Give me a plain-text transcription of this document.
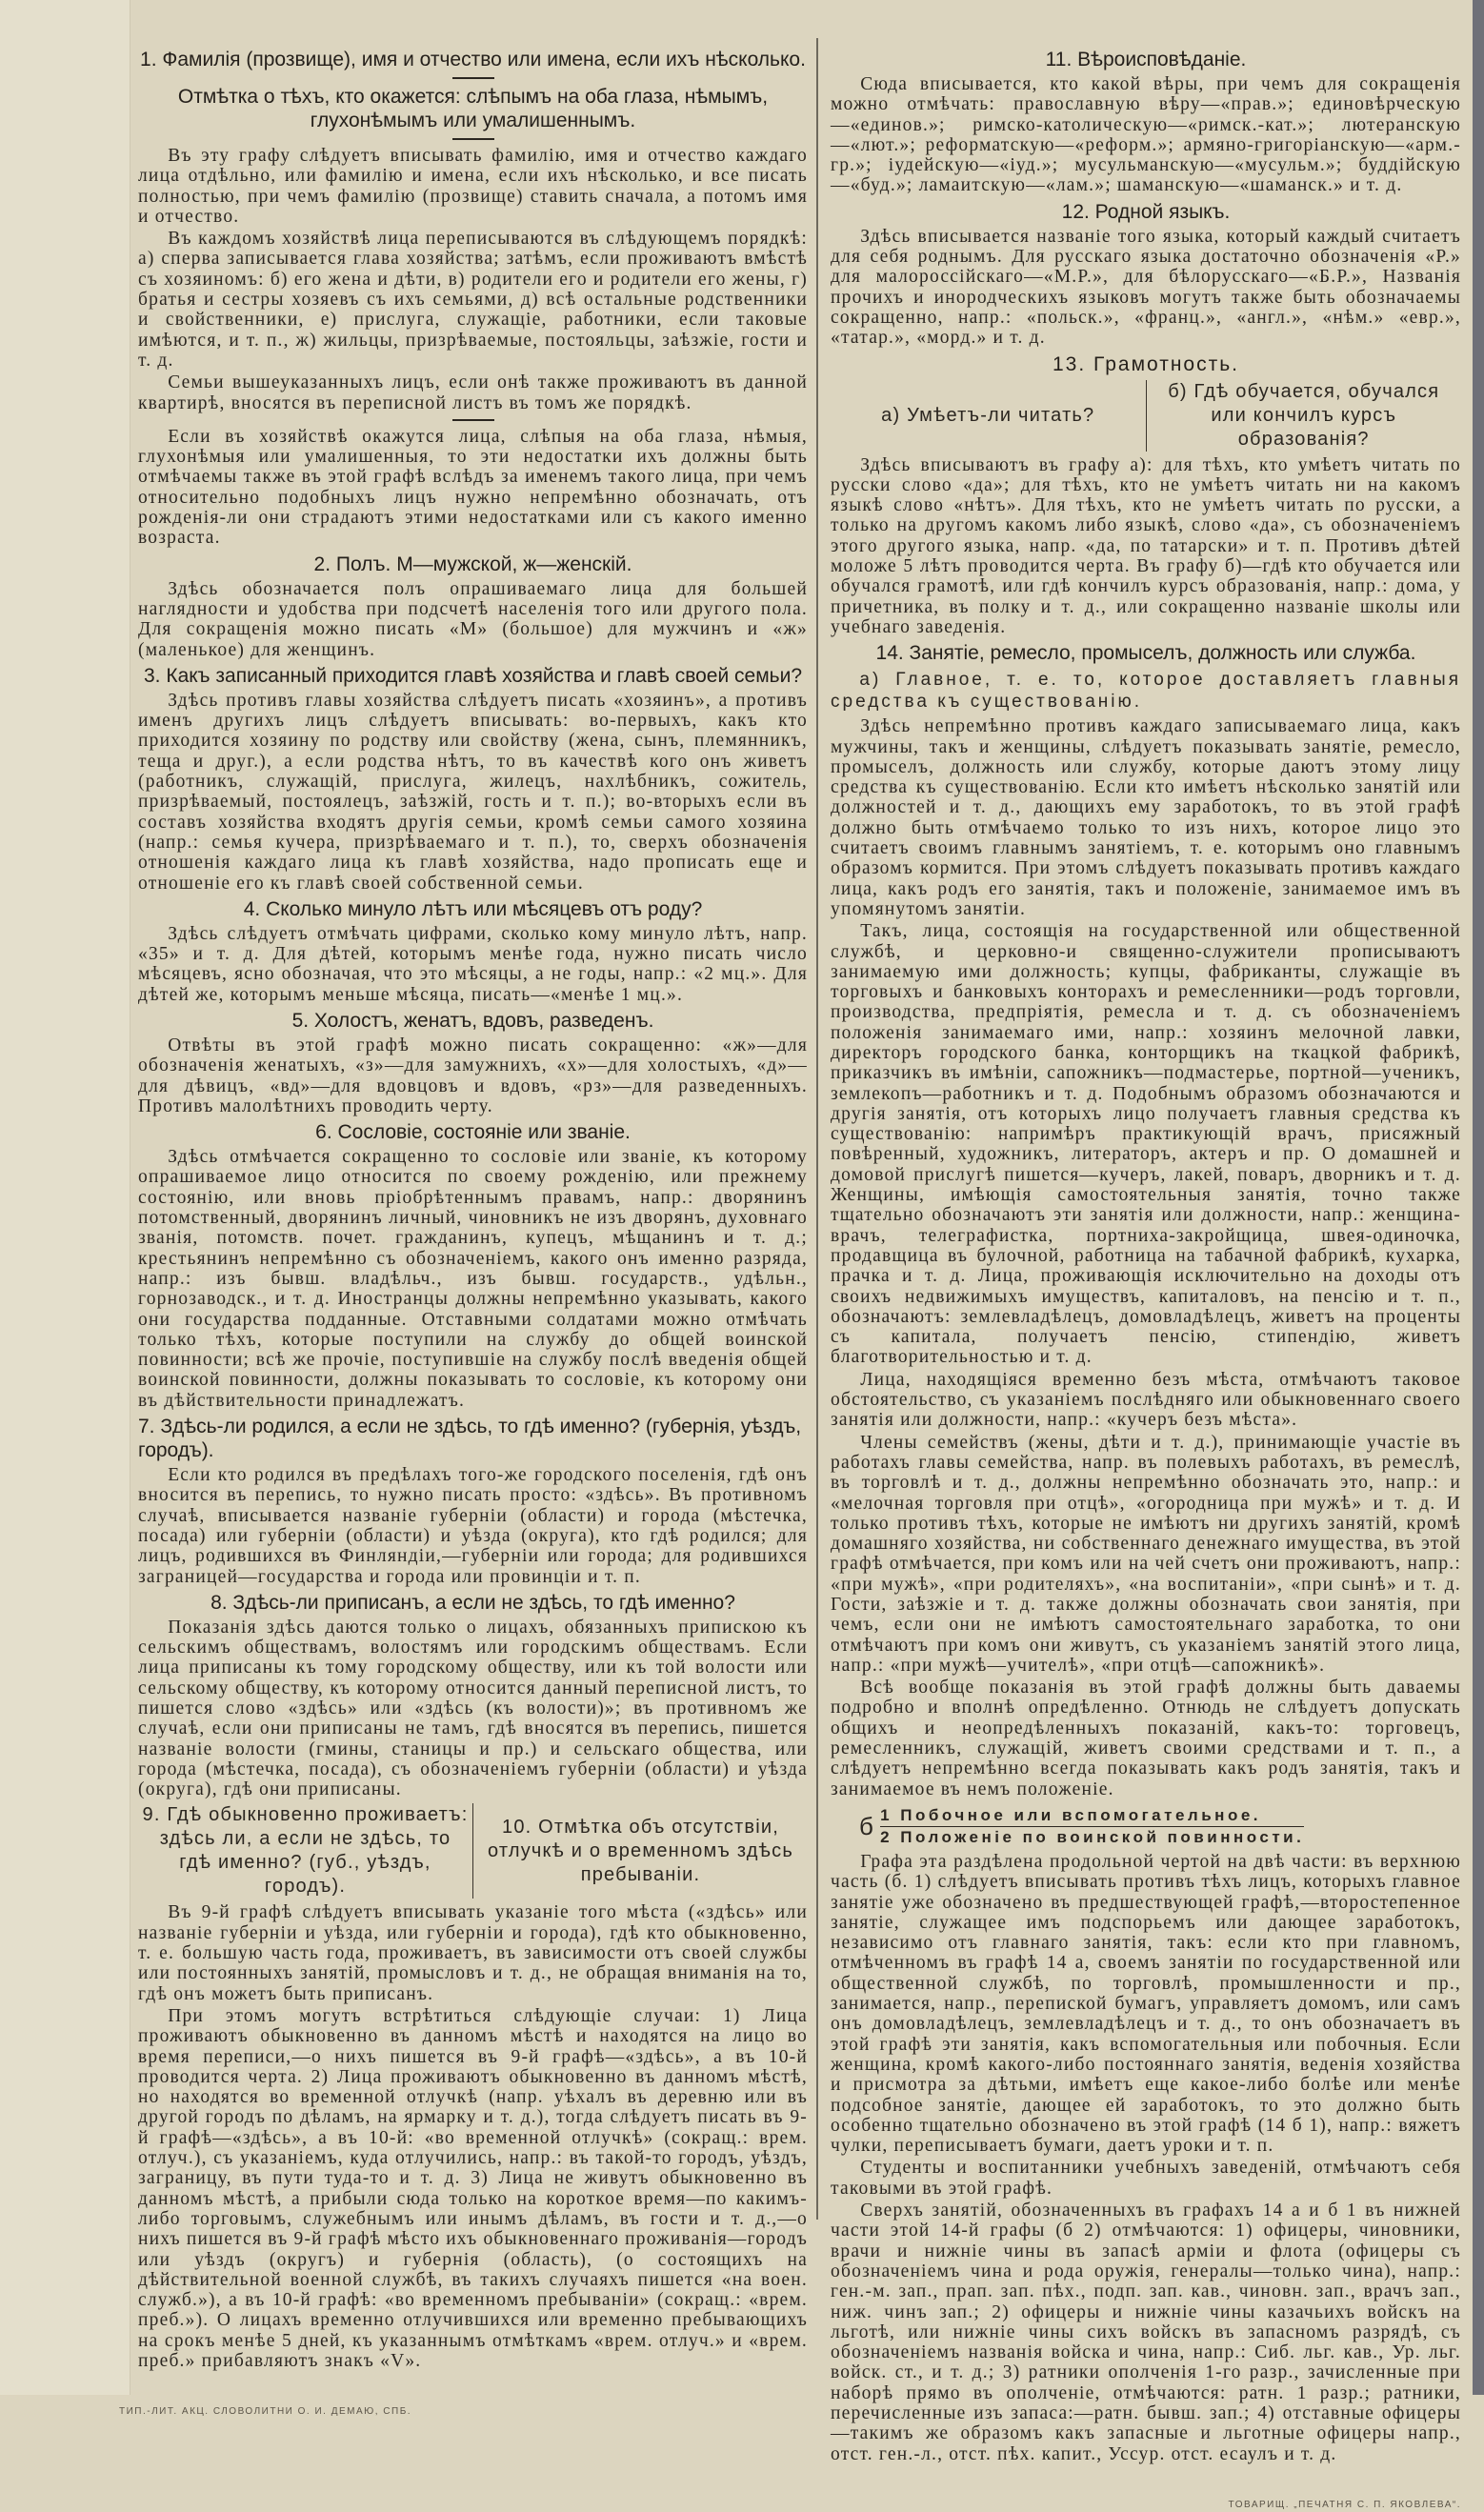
1. Фамилія (прозвище), имя и отчество или имена, если ихъ нѣсколько.
Отмѣтка о тѣхъ, кто окажется: слѣпымъ на оба глаза, нѣмымъ, глухонѣмымъ или умалишеннымъ.

Въ эту графу слѣдуетъ вписывать фамилію, имя и отчество каждаго лица отдѣльно, или фамилію и имена, если ихъ нѣсколько, и все писать полностью, при чемъ фамилію (прозвище) ставить сначала, а потомъ имя и отчество.

Въ каждомъ хозяйствѣ лица переписываются въ слѣдующемъ порядкѣ: а) сперва записывается глава хозяйства; затѣмъ, если проживаютъ вмѣстѣ съ хозяиномъ: б) его жена и дѣти, в) родители его и родители его жены, г) братья и сестры хозяевъ съ ихъ семьями, д) всѣ остальные родственники и свойственники, е) прислуга, служащіе, работники, если таковые имѣются, и т. п., ж) жильцы, призрѣваемые, постояльцы, заѣзжіе, гости и т. д.

Семьи вышеуказанныхъ лицъ, если онѣ также проживаютъ въ данной квартирѣ, вносятся въ переписной листъ въ томъ же порядкѣ.

Если въ хозяйствѣ окажутся лица, слѣпыя на оба глаза, нѣмыя, глухонѣмыя или умалишенныя, то эти недостатки ихъ должны быть отмѣчаемы также въ этой графѣ вслѣдъ за именемъ такого лица, при чемъ относительно подобныхъ лицъ нужно непремѣнно обозначать, отъ рожденія-ли они страдаютъ этими недостатками или съ какого именно возраста.

2. Полъ. М—мужской, ж—женскій.

Здѣсь обозначается полъ опрашиваемаго лица для большей наглядности и удобства при подсчетѣ населенія того или другого пола. Для сокращенія можно писать «М» (большое) для мужчинъ и «ж» (маленькое) для женщинъ.

3. Какъ записанный приходится главѣ хозяйства и главѣ своей семьи?

Здѣсь противъ главы хозяйства слѣдуетъ писать «хозяинъ», а противъ именъ другихъ лицъ слѣдуетъ вписывать: во-первыхъ, какъ кто приходится хозяину по родству или свойству (жена, сынъ, племянникъ, теща и друг.), а если родства нѣтъ, то въ качествѣ кого онъ живетъ (работникъ, служащій, прислуга, жилецъ, нахлѣбникъ, сожитель, призрѣваемый, постоялецъ, заѣзжій, гость и т. п.); во-вторыхъ если въ составъ хозяйства входятъ другія семьи, кромѣ семьи самого хозяина (напр.: семья кучера, призрѣваемаго и т. п.), то, сверхъ обозначенія отношенія каждаго лица къ главѣ хозяйства, надо прописать еще и отношеніе его къ главѣ своей собственной семьи.

4. Сколько минуло лѣтъ или мѣсяцевъ отъ роду?

Здѣсь слѣдуетъ отмѣчать цифрами, сколько кому минуло лѣтъ, напр. «35» и т. д. Для дѣтей, которымъ менѣе года, нужно писать число мѣсяцевъ, ясно обозначая, что это мѣсяцы, а не годы, напр.: «2 мц.». Для дѣтей же, которымъ меньше мѣсяца, писать—«менѣе 1 мц.».

5. Холостъ, женатъ, вдовъ, разведенъ.

Отвѣты въ этой графѣ можно писать сокращенно: «ж»—для обозначенія женатыхъ, «з»—для замужнихъ, «х»—для холостыхъ, «д»—для дѣвицъ, «вд»—для вдовцовъ и вдовъ, «рз»—для разведенныхъ. Противъ малолѣтнихъ проводить черту.

6. Сословіе, состояніе или званіе.

Здѣсь отмѣчается сокращенно то сословіе или званіе, къ которому опрашиваемое лицо относится по своему рожденію, или прежнему состоянію, или вновь пріобрѣтеннымъ правамъ, напр.: дворянинъ потомственный, дворянинъ личный, чиновникъ не изъ дворянъ, духовнаго званія, потомств. почет. гражданинъ, купецъ, мѣщанинъ и т. д.; крестьянинъ непремѣнно съ обозначеніемъ, какого онъ именно разряда, напр.: изъ бывш. владѣльч., изъ бывш. государств., удѣльн., горнозаводск., и т. д. Иностранцы должны непремѣнно указывать, какого они государства подданные. Отставными солдатами можно отмѣчать только тѣхъ, которые поступили на службу до общей воинской повинности; всѣ же прочіе, поступившіе на службу послѣ введенія общей воинской повинности, должны показывать то сословіе, къ которому они въ дѣйствительности принадлежатъ.

7. Здѣсь-ли родился, а если не здѣсь, то гдѣ именно? (губернія, уѣздъ, городъ).

Если кто родился въ предѣлахъ того-же городского поселенія, гдѣ онъ вносится въ перепись, то нужно писать просто: «здѣсь». Въ противномъ случаѣ, вписывается названіе губерніи (области) и города (мѣстечка, посада) или губерніи (области) и уѣзда (округа), кто гдѣ родился; для лицъ, родившихся въ Финляндіи,—губерніи или города; для родившихся заграницей—государства и города или провинціи и т. п.

8. Здѣсь-ли приписанъ, а если не здѣсь, то гдѣ именно?

Показанія здѣсь даются только о лицахъ, обязанныхъ припискою къ сельскимъ обществамъ, волостямъ или городскимъ обществамъ. Если лица приписаны къ тому городскому обществу, или къ той волости или сельскому обществу, къ которому относится данный переписной листъ, то пишется слово «здѣсь» или «здѣсь (къ волости)»; въ противномъ же случаѣ, если они приписаны не тамъ, гдѣ вносятся въ перепись, пишется названіе волости (гмины, станицы и пр.) и сельскаго общества, или города (мѣстечка, посада), съ обозначеніемъ губерніи (области) и уѣзда (округа), гдѣ они приписаны.

9. Гдѣ обыкновенно проживаетъ: здѣсь ли, а если не здѣсь, то гдѣ именно? (губ., уѣздъ, городъ).
10. Отмѣтка объ отсутствіи, отлучкѣ и о временномъ здѣсь пребываніи.

Въ 9-й графѣ слѣдуетъ вписывать указаніе того мѣста («здѣсь» или названіе губерніи и уѣзда, или губерніи и города), гдѣ кто обыкновенно, т. е. большую часть года, проживаетъ, въ зависимости отъ своей службы или постоянныхъ занятій, промысловъ и т. д., не обращая вниманія на то, гдѣ онъ можетъ быть приписанъ.

При этомъ могутъ встрѣтиться слѣдующіе случаи: 1) Лица проживаютъ обыкновенно въ данномъ мѣстѣ и находятся на лицо во время переписи,—о нихъ пишется въ 9-й графѣ—«здѣсь», а въ 10-й проводится черта. 2) Лица проживаютъ обыкновенно въ данномъ мѣстѣ, но находятся во временной отлучкѣ (напр. уѣхалъ въ деревню или въ другой городъ по дѣламъ, на ярмарку и т. д.), тогда слѣдуетъ писать въ 9-й графѣ—«здѣсь», а въ 10-й: «во временной отлучкѣ» (сокращ.: врем. отлуч.), съ указаніемъ, куда отлучились, напр.: въ такой-то городъ, уѣздъ, заграницу, въ пути туда-то и т. д. 3) Лица не живутъ обыкновенно въ данномъ мѣстѣ, а прибыли сюда только на короткое время—по какимъ-либо торговымъ, служебнымъ или инымъ дѣламъ, въ гости и т. д.,—о нихъ пишется въ 9-й графѣ мѣсто ихъ обыкновеннаго проживанія—городъ или уѣздъ (округъ) и губернія (область), (о состоящихъ на дѣйствительной военной службѣ, въ такихъ случаяхъ пишется «на воен. служб.»), а въ 10-й графѣ: «во временномъ пребываніи» (сокращ.: «врем. преб.»). О лицахъ временно отлучившихся или временно пребывающихъ на срокъ менѣе 5 дней, къ указаннымъ отмѣткамъ «врем. отлуч.» и «врем. преб.» прибавляютъ знакъ «V».

ТИП.-ЛИТ. АКЦ. СЛОВОЛИТНИ О. И. ДЕМАЮ, СПБ.
11. Вѣроисповѣданіе.

Сюда вписывается, кто какой вѣры, при чемъ для сокращенія можно отмѣчать: православную вѣру—«прав.»; единовѣрческую—«единов.»; римско-католическую—«римск.-кат.»; лютеранскую—«лют.»; реформатскую—«реформ.»; армяно-григоріанскую—«арм.-гр.»; іудейскую—«іуд.»; мусульманскую—«мусульм.»; буддійскую—«буд.»; ламаитскую—«лам.»; шаманскую—«шаманск.» и т. д.

12. Родной языкъ.

Здѣсь вписывается названіе того языка, который каждый считаетъ для себя роднымъ. Для русскаго языка достаточно обозначенія «Р.» для малороссійскаго—«М.Р.», для бѣлорусскаго—«Б.Р.», Названія прочихъ и инородческихъ языковъ могутъ также быть обозначаемы сокращенно, напр.: «польск.», «франц.», «англ.», «нѣм.» «евр.», «татар.», «морд.» и т. д.

13. Грамотность.
а) Умѣетъ-ли читать?
б) Гдѣ обучается, обучался или кончилъ курсъ образованія?

Здѣсь вписываютъ въ графу а): для тѣхъ, кто умѣетъ читать по русски слово «да»; для тѣхъ, кто не умѣетъ читать ни на какомъ языкѣ слово «нѣтъ». Для тѣхъ, кто не умѣетъ читать по русски, а только на другомъ какомъ либо языкѣ, слово «да», съ обозначеніемъ этого другого языка, напр. «да, по татарски» и т. п. Противъ дѣтей моложе 5 лѣтъ проводится черта. Въ графу б)—гдѣ кто обучается или обучался грамотѣ, или гдѣ кончилъ курсъ образованія, напр.: дома, у причетника, въ полку и т. д., или сокращенно названіе школы или учебнаго заведенія.

14. Занятіе, ремесло, промыселъ, должность или служба.
а) Главное, т. е. то, которое доставляетъ главныя средства къ существованію.

Здѣсь непремѣнно противъ каждаго записываемаго лица, какъ мужчины, такъ и женщины, слѣдуетъ показывать занятіе, ремесло, промыселъ, должность или службу, которые даютъ этому лицу средства къ существованію. Если кто имѣетъ нѣсколько занятій или должностей и т. д., дающихъ ему заработокъ, то въ этой графѣ должно быть отмѣчаемо только то изъ нихъ, которое лицо это считаетъ своимъ главнымъ занятіемъ, т. е. которымъ оно главнымъ образомъ кормится. При этомъ слѣдуетъ показывать противъ каждаго лица, какъ родъ его занятія, такъ и положеніе, занимаемое имъ въ упомянутомъ занятіи.

Такъ, лица, состоящія на государственной или общественной службѣ, и церковно-и священно-служители прописываютъ занимаемую ими должность; купцы, фабриканты, служащіе въ торговыхъ и банковыхъ конторахъ и ремесленники—родъ торговли, производства, предпріятія, ремесла и т. д. съ обозначеніемъ положенія занимаемаго ими, напр.: хозяинъ мелочной лавки, директоръ городского банка, конторщикъ на ткацкой фабрикѣ, приказчикъ въ имѣніи, сапожникъ—подмастерье, портной—ученикъ, землекопъ—работникъ и т. д. Подобнымъ образомъ обозначаются и другія занятія, отъ которыхъ лицо получаетъ главныя средства къ существованію: напримѣръ практикующій врачъ, присяжный повѣренный, художникъ, литераторъ, актеръ и пр. О домашней и домовой прислугѣ пишется—кучеръ, лакей, поваръ, дворникъ и т. д. Женщины, имѣющія самостоятельныя занятія, точно также тщательно обозначаютъ эти занятія или должности, напр.: женщина-врачъ, телеграфистка, портниха-закройщица, швея-одиночка, продавщица въ булочной, работница на табачной фабрикѣ, кухарка, прачка и т. д. Лица, проживающія исключительно на доходы отъ своихъ недвижимыхъ имуществъ, капиталовъ, на пенсію и т. п., обозначаютъ: землевладѣлецъ, домовладѣлецъ, живетъ на проценты съ капитала, получаетъ пенсію, стипендію, живетъ благотворительностью и т. д.

Лица, находящіяся временно безъ мѣста, отмѣчаютъ таковое обстоятельство, съ указаніемъ послѣдняго или обыкновеннаго своего занятія или должности, напр.: «кучеръ безъ мѣста».

Члены семействъ (жены, дѣти и т. д.), принимающіе участіе въ работахъ главы семейства, напр. въ полевыхъ работахъ, въ ремеслѣ, въ торговлѣ и т. д., должны непремѣнно обозначать это, напр.: и «мелочная торговля при отцѣ», «огородница при мужѣ» и т. д. И только противъ тѣхъ, которые не имѣютъ ни другихъ занятій, кромѣ домашняго хозяйства, ни собственнаго денежнаго имущества, въ этой графѣ отмѣчается, при комъ или на чей счетъ они проживаютъ, напр.: «при мужѣ», «при родителяхъ», «на воспитаніи», «при сынѣ» и т. д. Гости, заѣзжіе и т. д. также должны обозначать свои занятія, при чемъ, если они не имѣютъ самостоятельнаго заработка, то они отмѣчаютъ при комъ они живутъ, съ указаніемъ занятій этого лица, напр.: «при мужѣ—учителѣ», «при отцѣ—сапожникѣ».

Всѣ вообще показанія въ этой графѣ должны быть даваемы подробно и вполнѣ опредѣленно. Отнюдь не слѣдуетъ допускать общихъ и неопредѣленныхъ показаній, какъ-то: торговецъ, ремесленникъ, служащій, живетъ своими средствами и т. п., а слѣдуетъ непремѣнно всегда показывать какъ родъ занятія, такъ и занимаемое въ немъ положеніе.

б 1 Побочное или вспомогательное.
2 Положеніе по воинской повинности.

Графа эта раздѣлена продольной чертой на двѣ части: въ верхнюю часть (б. 1) слѣдуетъ вписывать противъ тѣхъ лицъ, которыхъ главное занятіе уже обозначено въ предшествующей графѣ,—второстепенное занятіе, служащее имъ подспорьемъ или дающее заработокъ, независимо отъ главнаго занятія, такъ: если кто при главномъ, отмѣченномъ въ графѣ 14 а, своемъ занятіи по государственной или общественной службѣ, по торговлѣ, промышленности и пр., занимается, напр., перепиской бумагъ, управляетъ домомъ, или самъ онъ домовладѣлецъ, землевладѣлецъ и т. д., то онъ обозначаетъ въ этой графѣ эти занятія, какъ вспомогательныя или побочныя. Если женщина, кромѣ какого-либо постояннаго занятія, веденія хозяйства и присмотра за дѣтьми, имѣетъ еще какое-либо болѣе или менѣе подсобное занятіе, дающее ей заработокъ, то это должно быть особенно тщательно обозначено въ этой графѣ (14 б 1), напр.: вяжетъ чулки, переписываетъ бумаги, даетъ уроки и т. п.

Студенты и воспитанники учебныхъ заведеній, отмѣчаютъ себя таковыми въ этой графѣ.

Сверхъ занятій, обозначенныхъ въ графахъ 14 а и б 1 въ нижней части этой 14-й графы (б 2) отмѣчаются: 1) офицеры, чиновники, врачи и нижніе чины въ запасѣ арміи и флота (офицеры съ обозначеніемъ чина и рода оружія, генералы—только чина), напр.: ген.-м. зап., прап. зап. пѣх., подп. зап. кав., чиновн. зап., врачъ зап., ниж. чинъ зап.; 2) офицеры и нижніе чины казачьихъ войскъ на льготѣ, или нижніе чины сихъ войскъ въ запасномъ разрядѣ, съ обозначеніемъ названія войска и чина, напр.: Сиб. льг. кав., Ур. льг. войск. ст., и т. д.; 3) ратники ополченія 1-го разр., зачисленные при наборѣ прямо въ ополченіе, отмѣчаются: ратн. 1 разр.; ратники, перечисленные изъ запаса:—ратн. бывш. зап.; 4) отставные офицеры—такимъ же образомъ какъ запасные и льготные офицеры напр., отст. ген.-л., отст. пѣх. капит., Уссур. отст. есаулъ и т. д.

ТОВАРИЩ. „ПЕЧАТНЯ С. П. ЯКОВЛЕВА“.
